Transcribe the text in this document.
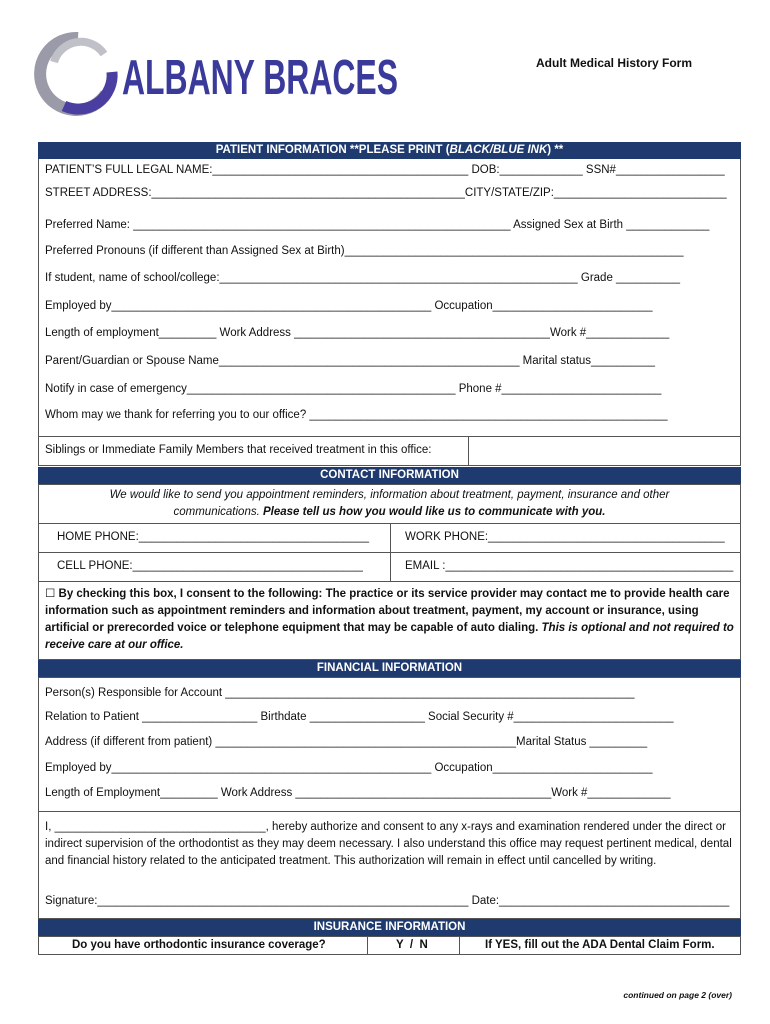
ALBANY BRACES	Adult Medical History Form
PATIENT INFORMATION **PLEASE PRINT (BLACK/BLUE INK) **
PATIENT’S FULL LEGAL NAME:________________________________________ DOB:_____________ SSN#_________________
STREET ADDRESS:_________________________________________________CITY/STATE/ZIP:___________________________
Preferred Name: ___________________________________________________________ Assigned Sex at Birth _____________
Preferred Pronouns (if different than Assigned Sex at Birth)_____________________________________________________
If student, name of school/college:________________________________________________________ Grade __________
Employed by__________________________________________________ Occupation_________________________
Length of employment_________ Work Address ________________________________________Work #_____________
Parent/Guardian or Spouse Name_______________________________________________ Marital status__________
Notify in case of emergency__________________________________________ Phone #_________________________
Whom may we thank for referring you to our office? ________________________________________________________
Siblings or Immediate Family Members that received treatment in this office:
CONTACT INFORMATION
We would like to send you appointment reminders, information about treatment, payment, insurance and other
communications. Please tell us how you would like us to communicate with you.
HOME PHONE:____________________________________	WORK PHONE:_____________________________________
CELL PHONE:____________________________________	EMAIL :_____________________________________________
☐ By checking this box, I consent to the following: The practice or its service provider may contact me to provide health care information such as appointment reminders and information about treatment, payment, my account or insurance, using artificial or prerecorded voice or telephone equipment that may be capable of auto dialing. This is optional and not required to receive care at our office.
FINANCIAL INFORMATION
Person(s) Responsible for Account ________________________________________________________________
Relation to Patient __________________ Birthdate __________________ Social Security #_________________________
Address (if different from patient) _______________________________________________Marital Status _________
Employed by__________________________________________________ Occupation_________________________
Length of Employment_________ Work Address ________________________________________Work #_____________
I, _________________________________, hereby authorize and consent to any x-rays and examination rendered under the direct or indirect supervision of the orthodontist as they may deem necessary. I also understand this office may request pertinent medical, dental and financial history related to the anticipated treatment. This authorization will remain in effect until cancelled by writing.
Signature:__________________________________________________________ Date:____________________________________
INSURANCE INFORMATION
Do you have orthodontic insurance coverage?	Y  /  N	If YES, fill out the ADA Dental Claim Form.
continued on page 2 (over)
